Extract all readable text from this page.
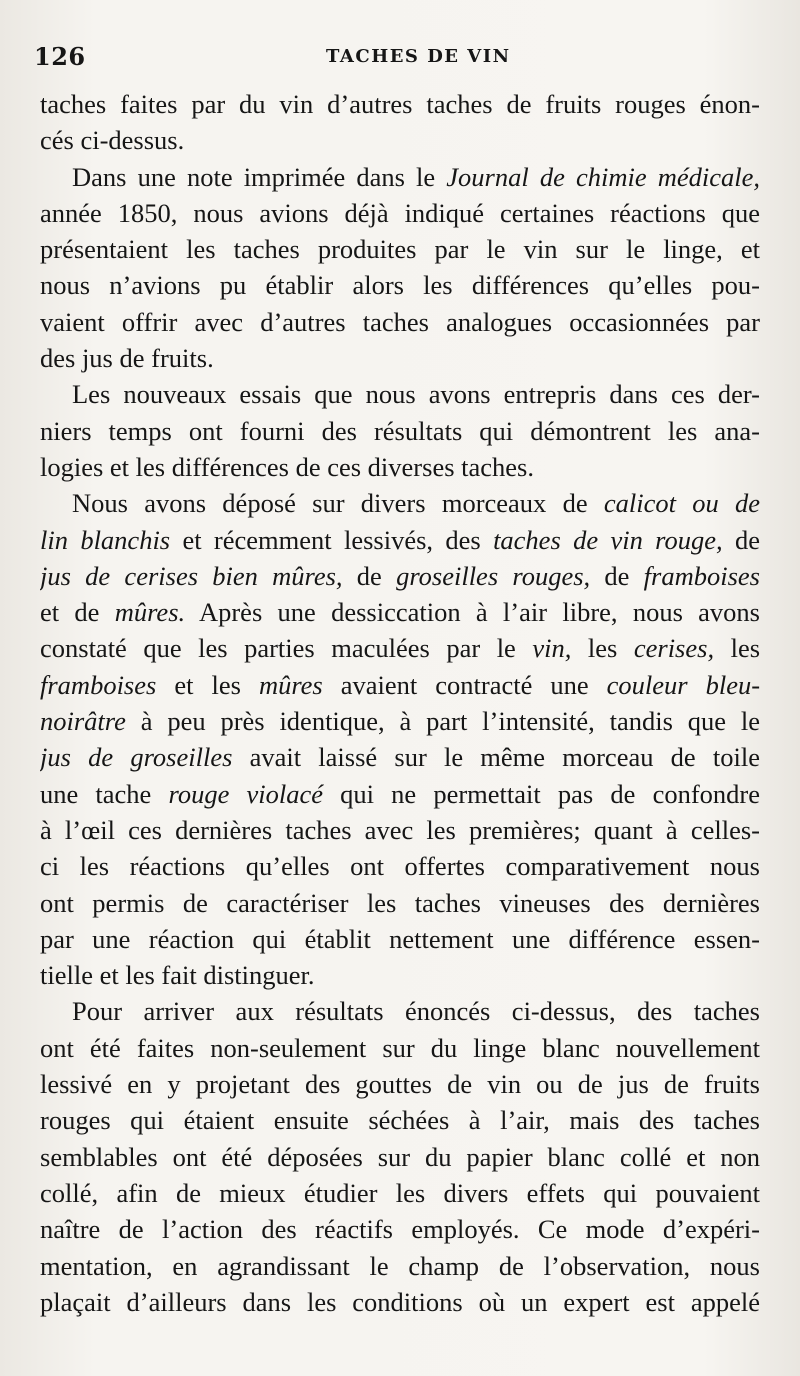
126	TACHES DE VIN
taches faites par du vin d’autres taches de fruits rouges énon-
cés ci-dessus.
Dans une note imprimée dans le Journal de chimie médicale,
année 1850, nous avions déjà indiqué certaines réactions que
présentaient les taches produites par le vin sur le linge, et
nous n’avions pu établir alors les différences qu’elles pou-
vaient offrir avec d’autres taches analogues occasionnées par
des jus de fruits.
Les nouveaux essais que nous avons entrepris dans ces der-
niers temps ont fourni des résultats qui démontrent les ana-
logies et les différences de ces diverses taches.
Nous avons déposé sur divers morceaux de calicot ou de
lin blanchis et récemment lessivés, des taches de vin rouge, de
jus de cerises bien mûres, de groseilles rouges, de framboises
et de mûres. Après une dessiccation à l’air libre, nous avons
constaté que les parties maculées par le vin, les cerises, les
framboises et les mûres avaient contracté une couleur bleu-
noirâtre à peu près identique, à part l’intensité, tandis que le
jus de groseilles avait laissé sur le même morceau de toile
une tache rouge violacé qui ne permettait pas de confondre
à l’œil ces dernières taches avec les premières; quant à celles-
ci les réactions qu’elles ont offertes comparativement nous
ont permis de caractériser les taches vineuses des dernières
par une réaction qui établit nettement une différence essen-
tielle et les fait distinguer.
Pour arriver aux résultats énoncés ci-dessus, des taches
ont été faites non-seulement sur du linge blanc nouvellement
lessivé en y projetant des gouttes de vin ou de jus de fruits
rouges qui étaient ensuite séchées à l’air, mais des taches
semblables ont été déposées sur du papier blanc collé et non
collé, afin de mieux étudier les divers effets qui pouvaient
naître de l’action des réactifs employés. Ce mode d’expéri-
mentation, en agrandissant le champ de l’observation, nous
plaçait d’ailleurs dans les conditions où un expert est appelé
